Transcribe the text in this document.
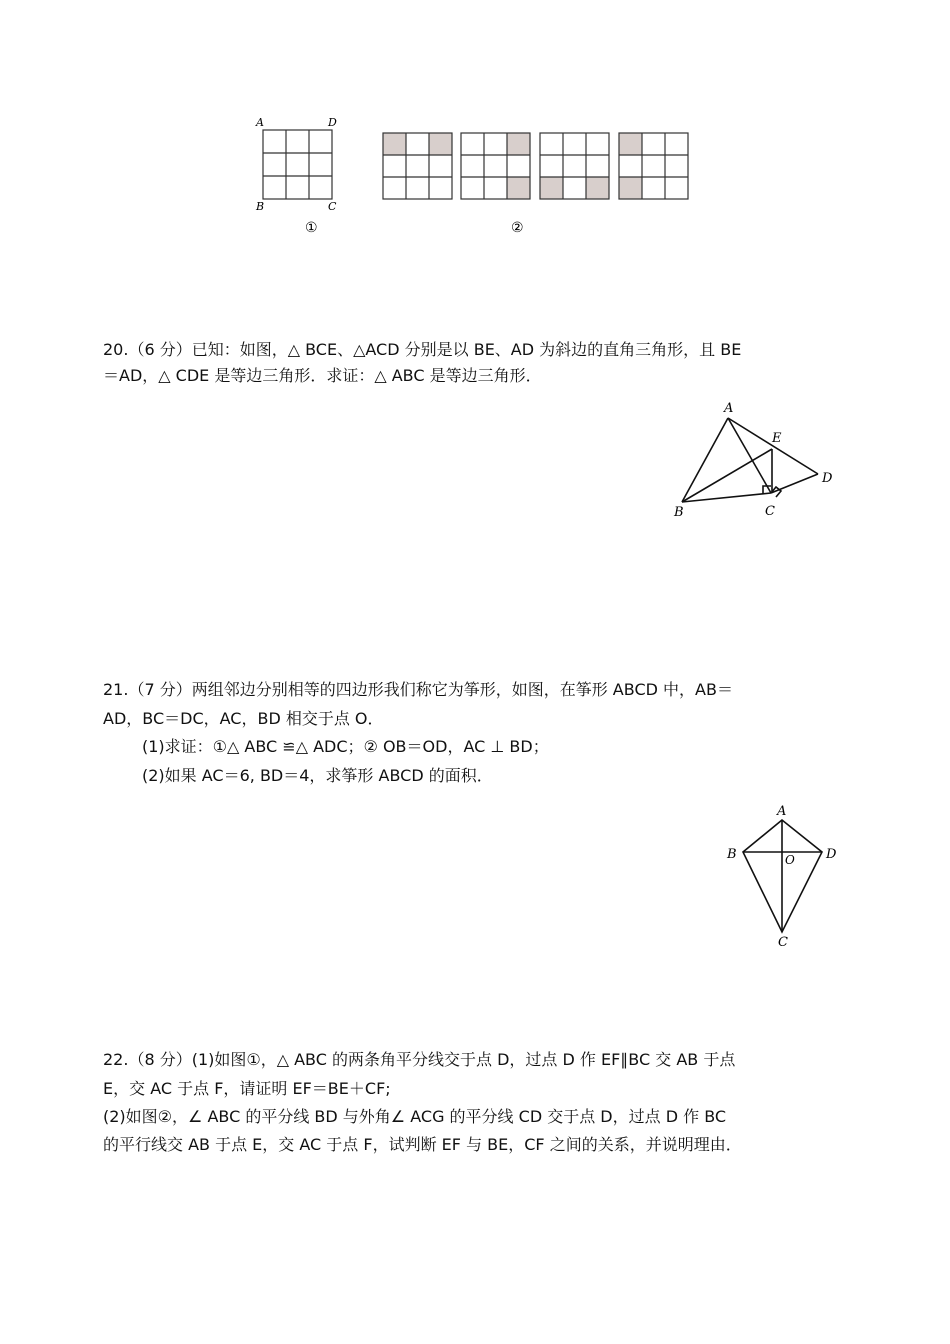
A	D
B	C
①	②
20.（6 分）已知：如图，△ BCE、△ACD 分别是以 BE、AD 为斜边的直角三角形，且 BE
＝AD，△ CDE 是等边三角形．求证：△ ABC 是等边三角形．
A
E
D
B	C
21.（7 分）两组邻边分别相等的四边形我们称它为筝形，如图，在筝形 ABCD 中，AB＝
AD，BC＝DC，AC，BD 相交于点 O．
(1)求证：①△ ABC ≌△ ADC；② OB＝OD，AC ⊥ BD；
(2)如果 AC＝6, BD＝4，求筝形 ABCD 的面积．
A
B	O D
C
22.（8 分）(1)如图①，△ ABC 的两条角平分线交于点 D，过点 D 作 EF∥BC 交 AB 于点
E，交 AC 于点 F，请证明 EF＝BE＋CF;
(2)如图②，∠ ABC 的平分线 BD 与外角∠ ACG 的平分线 CD 交于点 D，过点 D 作 BC
的平行线交 AB 于点 E，交 AC 于点 F，试判断 EF 与 BE，CF 之间的关系，并说明理由．
